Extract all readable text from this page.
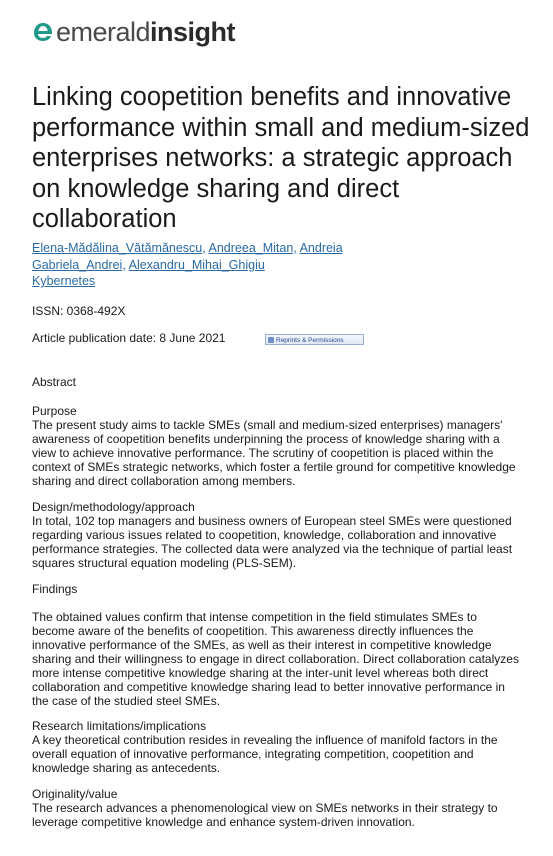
emeraldinsight
Linking coopetition benefits and innovative performance within small and medium-sized enterprises networks: a strategic approach on knowledge sharing and direct collaboration
Elena-Mădălina_Vătămănescu, Andreea_Mitan, Andreia Gabriela_Andrei, Alexandru_Mihai_Ghigiu
Kybernetes
ISSN: 0368-492X
Article publication date: 8 June 2021	Reprints & Permissions

Abstract

Purpose

The present study aims to tackle SMEs (small and medium-sized enterprises) managers' awareness of coopetition benefits underpinning the process of knowledge sharing with a view to achieve innovative performance. The scrutiny of coopetition is placed within the context of SMEs strategic networks, which foster a fertile ground for competitive knowledge sharing and direct collaboration among members.

Design/methodology/approach

In total, 102 top managers and business owners of European steel SMEs were questioned regarding various issues related to coopetition, knowledge, collaboration and innovative performance strategies. The collected data were analyzed via the technique of partial least squares structural equation modeling (PLS-SEM).

Findings

The obtained values confirm that intense competition in the field stimulates SMEs to become aware of the benefits of coopetition. This awareness directly influences the innovative performance of the SMEs, as well as their interest in competitive knowledge sharing and their willingness to engage in direct collaboration. Direct collaboration catalyzes more intense competitive knowledge sharing at the inter-unit level whereas both direct collaboration and competitive knowledge sharing lead to better innovative performance in the case of the studied steel SMEs.

Research limitations/implications

A key theoretical contribution resides in revealing the influence of manifold factors in the overall equation of innovative performance, integrating competition, coopetition and knowledge sharing as antecedents.

Originality/value

The research advances a phenomenological view on SMEs networks in their strategy to leverage competitive knowledge and enhance system-driven innovation.
